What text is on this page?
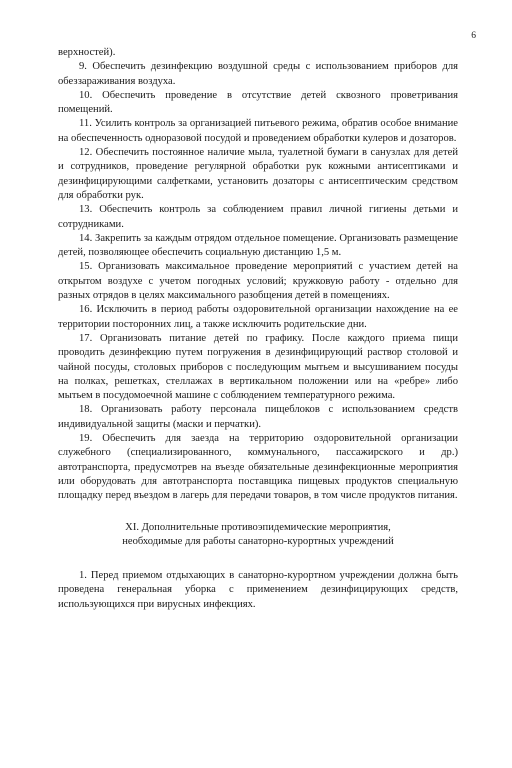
6

верхностей).

9. Обеспечить дезинфекцию воздушной среды с использованием приборов для обеззараживания воздуха.

10. Обеспечить проведение в отсутствие детей сквозного проветривания помещений.

11. Усилить контроль за организацией питьевого режима, обратив особое внимание на обеспеченность одноразовой посудой и проведением обработки кулеров и дозаторов.

12. Обеспечить постоянное наличие мыла, туалетной бумаги в санузлах для детей и сотрудников, проведение регулярной обработки рук кожными антисептиками и дезинфицирующими салфетками, установить дозаторы с антисептическим средством для обработки рук.

13. Обеспечить контроль за соблюдением правил личной гигиены детьми и сотрудниками.

14. Закрепить за каждым отрядом отдельное помещение. Организовать размещение детей, позволяющее обеспечить социальную дистанцию 1,5 м.

15. Организовать максимальное проведение мероприятий с участием детей на открытом воздухе с учетом погодных условий; кружковую работу - отдельно для разных отрядов в целях максимального разобщения детей в помещениях.

16. Исключить в период работы оздоровительной организации нахождение на ее территории посторонних лиц, а также исключить родительские дни.

17. Организовать питание детей по графику. После каждого приема пищи проводить дезинфекцию путем погружения в дезинфицирующий раствор столовой и чайной посуды, столовых приборов с последующим мытьем и высушиванием посуды на полках, решетках, стеллажах в вертикальном положении или на «ребре» либо мытьем в посудомоечной машине с соблюдением температурного режима.

18. Организовать работу персонала пищеблоков с использованием средств индивидуальной защиты (маски и перчатки).

19. Обеспечить для заезда на территорию оздоровительной организации служебного (специализированного, коммунального, пассажирского и др.) автотранспорта, предусмотрев на въезде обязательные дезинфекционные мероприятия или оборудовать для автотранспорта поставщика пищевых продуктов специальную площадку перед въездом в лагерь для передачи товаров, в том числе продуктов питания.

XI. Дополнительные противоэпидемические мероприятия,
необходимые для работы санаторно-курортных учреждений

1. Перед приемом отдыхающих в санаторно-курортном учреждении должна быть проведена генеральная уборка с применением дезинфицирующих средств, использующихся при вирусных инфекциях.
